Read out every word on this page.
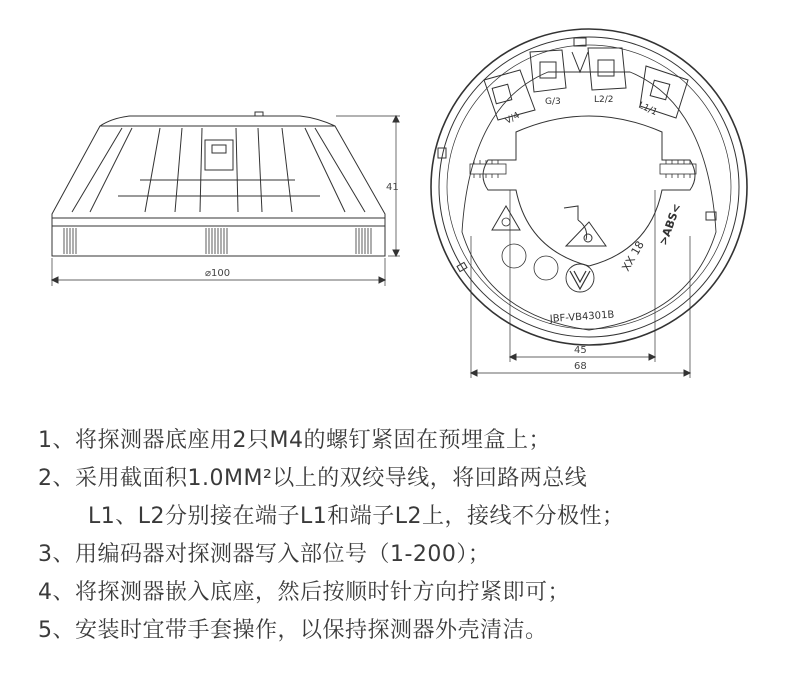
⌀100
41
V/4
G/3	L2/2
L1/1
JBF-VB4301B
XX 18
>ABS<
45
68
1、将探测器底座用2只M4的螺钉紧固在预埋盒上；
2、采用截面积1.0MM²以上的双绞导线，将回路两总线
L1、L2分别接在端子L1和端子L2上，接线不分极性；
3、用编码器对探测器写入部位号（1-200）；
4、将探测器嵌入底座，然后按顺时针方向拧紧即可；
5、安装时宜带手套操作，以保持探测器外壳清洁。
